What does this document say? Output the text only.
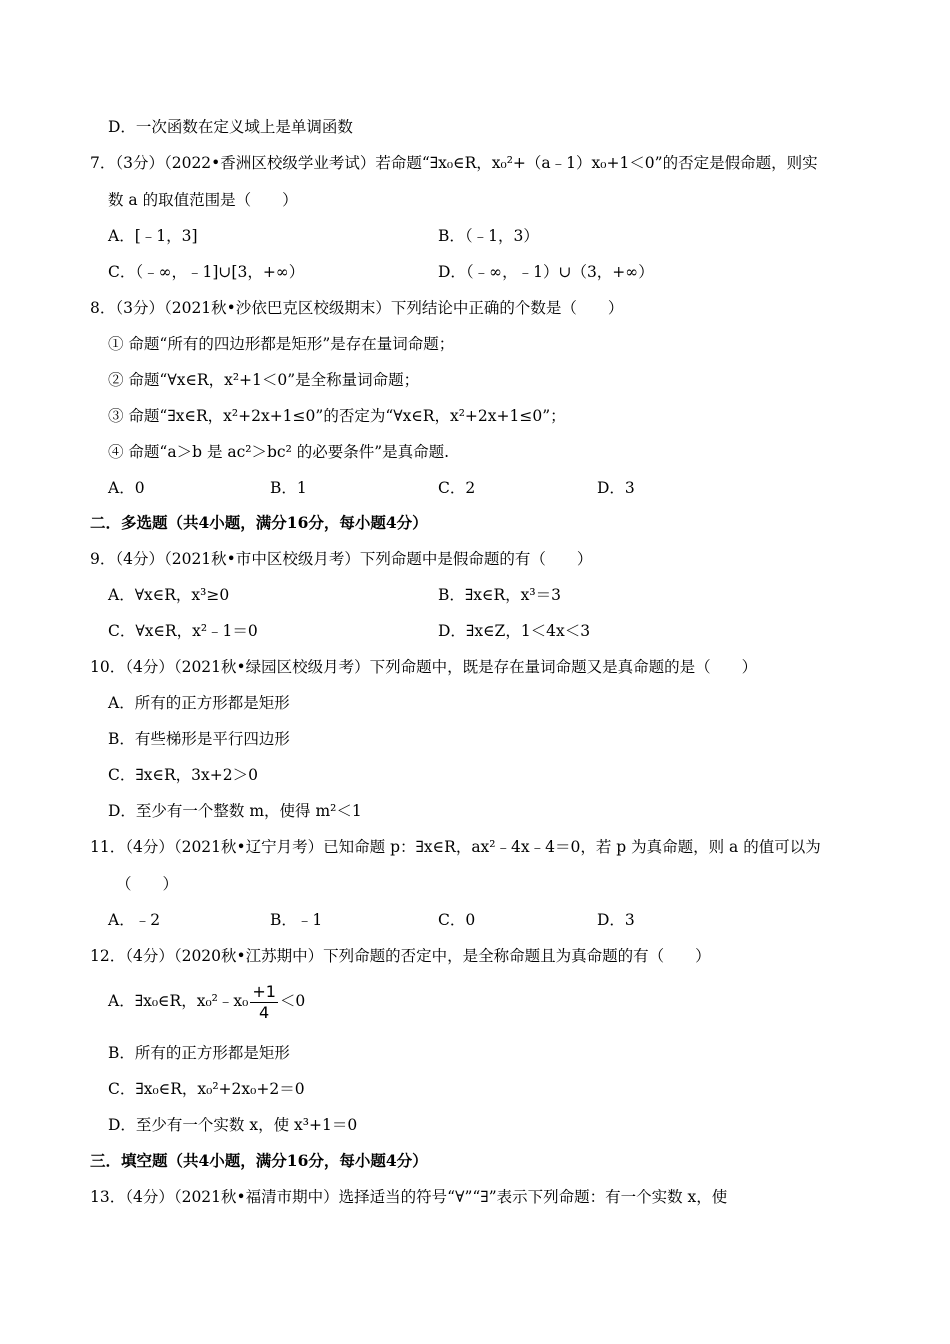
D．一次函数在定义域上是单调函数
7．（3分）（2022•香洲区校级学业考试）若命题“∃x₀∈R，x₀²+（a﹣1）x₀+1＜0”的否定是假命题，则实
数 a 的取值范围是（　　）
A．[﹣1，3]	B．（﹣1，3）
C．（﹣∞，﹣1]∪[3，+∞）	D．（﹣∞，﹣1）∪（3，+∞）
8．（3分）（2021秋•沙依巴克区校级期末）下列结论中正确的个数是（　　）
① 命题“所有的四边形都是矩形”是存在量词命题；
② 命题“∀x∈R，x²+1＜0”是全称量词命题；
③ 命题“∃x∈R，x²+2x+1≤0”的否定为“∀x∈R，x²+2x+1≤0”；
④ 命题“a＞b 是 ac²＞bc² 的必要条件”是真命题.
A．0	B．1	C．2	D．3
二．多选题（共4小题，满分16分，每小题4分）
9．（4分）（2021秋•市中区校级月考）下列命题中是假命题的有（　　）
A．∀x∈R，x³≥0	B．∃x∈R，x³＝3
C．∀x∈R，x²﹣1＝0	D．∃x∈Z，1＜4x＜3
10．（4分）（2021秋•绿园区校级月考）下列命题中，既是存在量词命题又是真命题的是（　　）
A．所有的正方形都是矩形
B．有些梯形是平行四边形
C．∃x∈R，3x+2＞0
D．至少有一个整数 m，使得 m²＜1
11．（4分）（2021秋•辽宁月考）已知命题 p：∃x∈R，ax²﹣4x﹣4＝0，若 p 为真命题，则 a 的值可以为
（　　）
A．﹣2	B．﹣1	C．0	D．3
12．（4分）（2020秋•江苏期中）下列命题的否定中，是全称命题且为真命题的有（　　）
A．∃x₀∈R，x₀²﹣x₀ $\frac{+1}{4} <0$
B．所有的正方形都是矩形
C．∃x₀∈R，x₀²+2x₀+2＝0
D．至少有一个实数 x，使 x³+1＝0
三．填空题（共4小题，满分16分，每小题4分）
13．（4分）（2021秋•福清市期中）选择适当的符号“∀”“∃”表示下列命题：有一个实数 x，使
